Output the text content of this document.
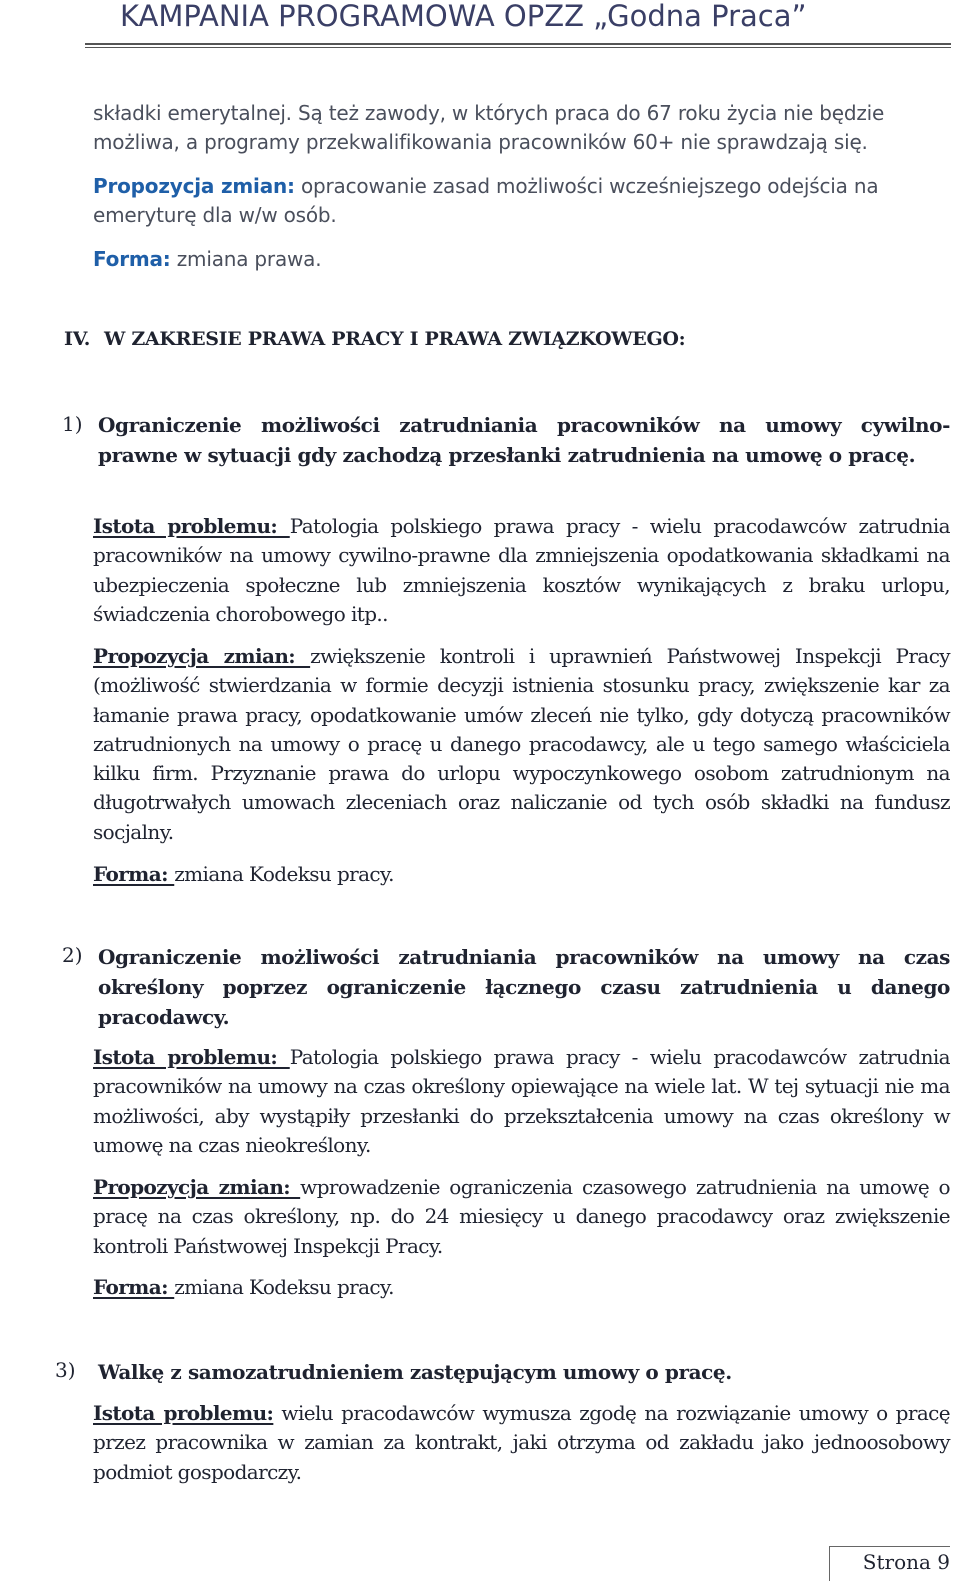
KAMPANIA PROGRAMOWA OPZZ „Godna Praca”
składki emerytalnej. Są też zawody, w których praca do 67 roku życia nie będzie
możliwa, a programy przekwalifikowania pracowników 60+ nie sprawdzają się.
Propozycja zmian: opracowanie zasad możliwości wcześniejszego odejścia na
emeryturę dla w/w osób.
Forma: zmiana prawa.
IV. W ZAKRESIE PRAWA PRACY I PRAWA ZWIĄZKOWEGO:
1) Ograniczenie możliwości zatrudniania pracowników na umowy cywilno-prawne w sytuacji gdy zachodzą przesłanki zatrudnienia na umowę o pracę.
Istota problemu: Patologia polskiego prawa pracy - wielu pracodawców zatrudnia pracowników na umowy cywilno-prawne dla zmniejszenia opodatkowania składkami na ubezpieczenia społeczne lub zmniejszenia kosztów wynikających z braku urlopu, świadczenia chorobowego itp..
Propozycja zmian: zwiększenie kontroli i uprawnień Państwowej Inspekcji Pracy (możliwość stwierdzania w formie decyzji istnienia stosunku pracy, zwiększenie kar za łamanie prawa pracy, opodatkowanie umów zleceń nie tylko, gdy dotyczą pracowników zatrudnionych na umowy o pracę u danego pracodawcy, ale u tego samego właściciela kilku firm. Przyznanie prawa do urlopu wypoczynkowego osobom zatrudnionym na długotrwałych umowach zleceniach oraz naliczanie od tych osób składki na fundusz socjalny.
Forma: zmiana Kodeksu pracy.
2) Ograniczenie możliwości zatrudniania pracowników na umowy na czas określony poprzez ograniczenie łącznego czasu zatrudnienia u danego pracodawcy.
Istota problemu: Patologia polskiego prawa pracy - wielu pracodawców zatrudnia pracowników na umowy na czas określony opiewające na wiele lat. W tej sytuacji nie ma możliwości, aby wystąpiły przesłanki do przekształcenia umowy na czas określony w umowę na czas nieokreślony.
Propozycja zmian: wprowadzenie ograniczenia czasowego zatrudnienia na umowę o pracę na czas określony, np. do 24 miesięcy u danego pracodawcy oraz zwiększenie kontroli Państwowej Inspekcji Pracy.
Forma: zmiana Kodeksu pracy.
3) Walkę z samozatrudnieniem zastępującym umowy o pracę.
Istota problemu: wielu pracodawców wymusza zgodę na rozwiązanie umowy o pracę przez pracownika w zamian za kontrakt, jaki otrzyma od zakładu jako jednoosobowy podmiot gospodarczy.
Strona 9
